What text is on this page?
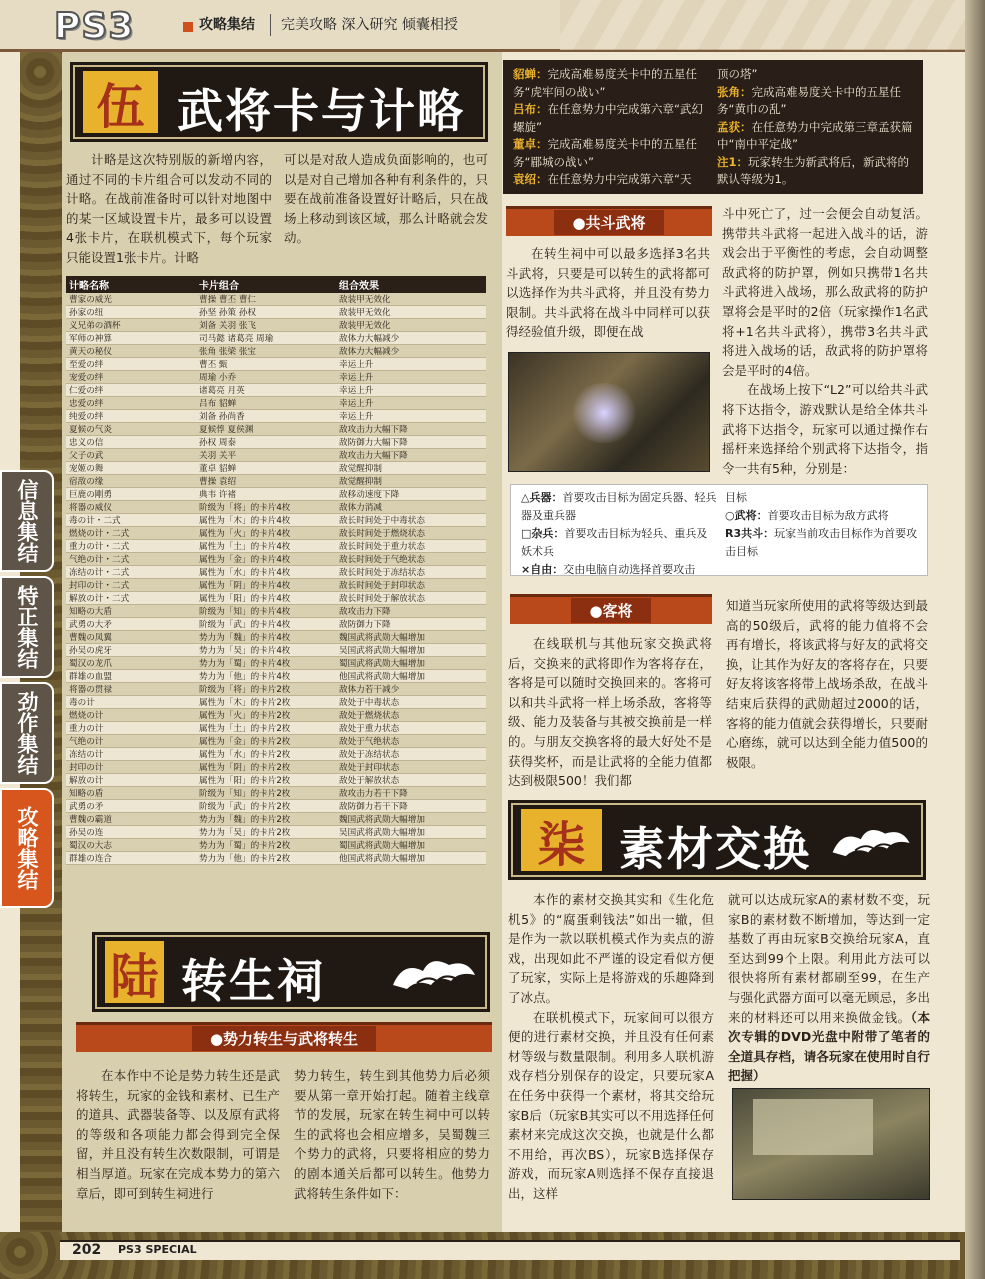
PS3	攻略集结 完美攻略 深入研究 倾囊相授
信息集结
特正集结
劲作集结
攻略集结
伍 武将卡与计略

计略是这次特别版的新增内容，通过不同的卡片组合可以发动不同的计略。在战前准备时可以针对地图中的某一区域设置卡片，最多可以设置4张卡片，在联机模式下，每个玩家只能设置1张卡片。计略

可以是对敌人造成负面影响的，也可以是对自己增加各种有利条件的，只要在战前准备设置好计略后，只在战场上移动到该区域，那么计略就会发动。

计略名称	卡片组合	组合效果
曹家の威光	曹操 曹丕 曹仁	敌装甲无效化
孙家の纽	孙坚 孙策 孙权	敌装甲无效化
义兄弟の酒杯	刘备 关羽 张飞	敌装甲无效化
军师の神算	司马懿 诸葛亮 周瑜	敌体力大幅减少
黄天の秘仪	张角 张梁 张宝	敌体力大幅减少
至爱の绊	曹丕 甄	幸运上升
宠爱の绊	周瑜 小乔	幸运上升
仁爱の绊	诸葛亮 月英	幸运上升
忠爱の绊	吕布 貂蝉	幸运上升
纯爱の绊	刘备 孙尚香	幸运上升
夏候の气炎	夏候惇 夏侯渊	敌攻击力大幅下降
忠义の信	孙权 周泰	敌防御力大幅下降
父子の武	关羽 关平	敌攻击力大幅下降
宠姬の舞	董卓 貂蝉	敌觉醒抑制
宿敌の缘	曹操 袁绍	敌觉醒抑制
巨鹿の剛勇	典韦 许褚	敌移动速度下降
将器の威仪	阶级为「将」的卡片4枚	敌体力消减
毒の计・二式	属性为「木」的卡片4枚	敌长时间处于中毒状态
燃烧の计・二式	属性为「火」的卡片4枚	敌长时间处于燃烧状态
重力の计・二式	属性为「土」的卡片4枚	敌长时间处于重力状态
气绝の计・二式	属性为「金」的卡片4枚	敌长时间处于气绝状态
冻结の计・二式	属性为「水」的卡片4枚	敌长时间处于冻结状态
封印の计・二式	属性为「阴」的卡片4枚	敌长时间处于封印状态
解放の计・二式	属性为「阳」的卡片4枚	敌长时间处于解放状态
知略の大盾	阶级为「知」的卡片4枚	敌攻击力下降
武勇の大矛	阶级为「武」的卡片4枚	敌防御力下降
曹魏の凤翼	势力为「魏」的卡片4枚	魏国武将武勋大幅增加
孙吴の虎牙	势力为「吴」的卡片4枚	吴国武将武勋大幅增加
蜀汉の龙爪	势力为「蜀」的卡片4枚	蜀国武将武勋大幅增加
群雄の血盟	势力为「他」的卡片4枚	他国武将武勋大幅增加
将器の贯禄	阶级为「将」的卡片2枚	敌体力若干减少
毒の计	属性为「木」的卡片2枚	敌处于中毒状态
燃烧の计	属性为「火」的卡片2枚	敌处于燃烧状态
重力の计	属性为「土」的卡片2枚	敌处于重力状态
气绝の计	属性为「金」的卡片2枚	敌处于气绝状态
冻结の计	属性为「水」的卡片2枚	敌处于冻结状态
封印の计	属性为「阴」的卡片2枚	敌处于封印状态
解放の计	属性为「阳」的卡片2枚	敌处于解放状态
知略の盾	阶级为「知」的卡片2枚	敌攻击力若干下降
武勇の矛	阶级为「武」的卡片2枚	敌防御力若干下降
曹魏の霸道	势力为「魏」的卡片2枚	魏国武将武勋大幅增加
孙吴の连	势力为「吴」的卡片2枚	吴国武将武勋大幅增加
蜀汉の大志	势力为「蜀」的卡片2枚	蜀国武将武勋大幅增加
群雄の连合	势力为「他」的卡片2枚	他国武将武勋大幅增加
陆 转生祠
●势力转生与武将转生

在本作中不论是势力转生还是武将转生，玩家的金钱和素材、已生产的道具、武器装备等、以及原有武将的等级和各项能力都会得到完全保留，并且没有转生次数限制，可谓是相当厚道。玩家在完成本势力的第六章后，即可到转生祠进行

势力转生，转生到其他势力后必须要从第一章开始打起。随着主线章节的发展，玩家在转生祠中可以转生的武将也会相应增多，吴蜀魏三个势力的武将，只要将相应的势力的剧本通关后都可以转生。他势力武将转生条件如下：

貂蝉：完成高难易度关卡中的五星任务“虎牢间の战い”
吕布：在任意势力中完成第六章“武幻螺旋”
董卓：完成高难易度关卡中的五星任务“郿城の战い”
袁绍：在任意势力中完成第六章“天
顶の塔”
张角：完成高难易度关卡中的五星任务“黄巾の乱”
孟获：在任意势力中完成第三章孟获篇中“南中平定战”
注1：玩家转生为新武将后，新武将的默认等级为1。
●共斗武将

在转生祠中可以最多选择3名共斗武将，只要是可以转生的武将都可以选择作为共斗武将，并且没有势力限制。共斗武将在战斗中同样可以获得经验值升级，即便在战

斗中死亡了，过一会便会自动复活。携带共斗武将一起进入战斗的话，游戏会出于平衡性的考虑，会自动调整敌武将的防护罩，例如只携带1名共斗武将进入战场，那么敌武将的防护罩将会是平时的2倍（玩家操作1名武将+1名共斗武将），携带3名共斗武将进入战场的话，敌武将的防护罩将会是平时的4倍。

在战场上按下“L2”可以给共斗武将下达指令，游戏默认是给全体共斗武将下达指令，玩家可以通过操作右摇杆来选择给个别武将下达指令，指令一共有5种，分别是：

△兵器：首要攻击目标为固定兵器、轻兵器及重兵器
□杂兵：首要攻击目标为轻兵、重兵及妖术兵
×自由：交由电脑自动选择首要攻击
目标
○武将：首要攻击目标为敌方武将
R3共斗：玩家当前攻击目标作为首要攻击目标
●客将

在线联机与其他玩家交换武将后，交换来的武将即作为客将存在，客将是可以随时交换回来的。客将可以和共斗武将一样上场杀敌，客将等级、能力及装备与其被交换前是一样的。与朋友交换客将的最大好处不是获得奖杯，而是让武将的全能力值都达到极限500！我们都

知道当玩家所使用的武将等级达到最高的50级后，武将的能力值将不会再有增长，将该武将与好友的武将交换，让其作为好友的客将存在，只要好友将该客将带上战场杀敌，在战斗结束后获得的武勋超过2000的话，客将的能力值就会获得增长，只要耐心磨练，就可以达到全能力值500的极限。

柒 素材交换

本作的素材交换其实和《生化危机5》的“腐蛋剩钱法”如出一辙，但是作为一款以联机模式作为卖点的游戏，出现如此不严谨的设定看似方便了玩家，实际上是将游戏的乐趣降到了冰点。

在联机模式下，玩家间可以很方便的进行素材交换，并且没有任何素材等级与数量限制。利用多人联机游戏存档分别保存的设定，只要玩家A在任务中获得一个素材，将其交给玩家B后（玩家B其实可以不用选择任何素材来完成这次交换，也就是什么都不用给，再次BS），玩家B选择保存游戏，而玩家A则选择不保存直接退出，这样

就可以达成玩家A的素材数不变，玩家B的素材数不断增加，等达到一定基数了再由玩家B交换给玩家A，直至达到99个上限。利用此方法可以很快将所有素材都刷至99，在生产与强化武器方面可以毫无顾忌，多出来的材料还可以用来换做金钱。（本次专辑的DVD光盘中附带了笔者的全道具存档，请各玩家在使用时自行把握）

202 PS3 SPECIAL
